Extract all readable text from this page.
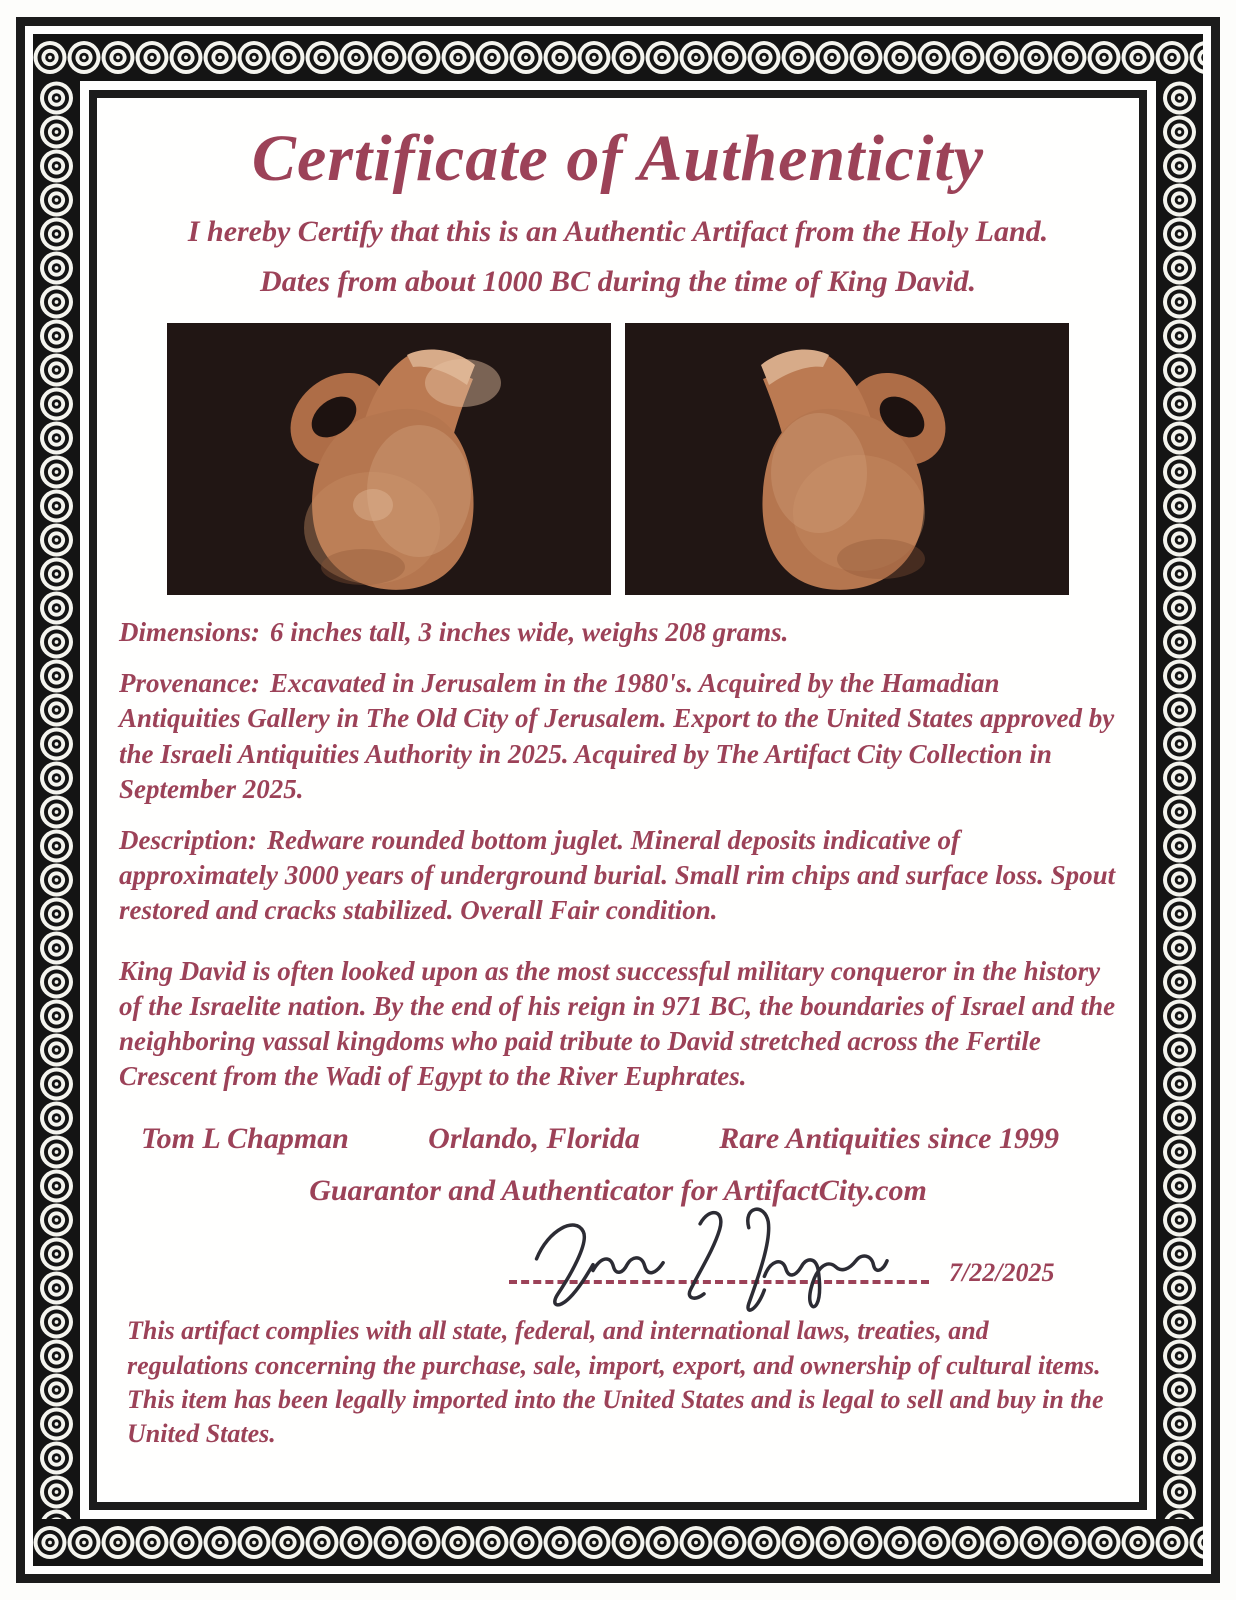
Certificate of Authenticity

I hereby Certify that this is an Authentic Artifact from the Holy Land.

Dates from about 1000 BC during the time of King David.

Dimensions: 6 inches tall, 3 inches wide, weighs 208 grams.

Provenance: Excavated in Jerusalem in the 1980's. Acquired by the Hamadian Antiquities Gallery in The Old City of Jerusalem. Export to the United States approved by the Israeli Antiquities Authority in 2025. Acquired by The Artifact City Collection in September 2025.

Description: Redware rounded bottom juglet. Mineral deposits indicative of approximately 3000 years of underground burial. Small rim chips and surface loss. Spout restored and cracks stabilized. Overall Fair condition.

King David is often looked upon as the most successful military conqueror in the history of the Israelite nation. By the end of his reign in 971 BC, the boundaries of Israel and the neighboring vassal kingdoms who paid tribute to David stretched across the Fertile Crescent from the Wadi of Egypt to the River Euphrates.

Tom L Chapman	Orlando, Florida	Rare Antiquities since 1999

Guarantor and Authenticator for ArtifactCity.com

7/22/2025

This artifact complies with all state, federal, and international laws, treaties, and regulations concerning the purchase, sale, import, export, and ownership of cultural items. This item has been legally imported into the United States and is legal to sell and buy in the United States.
